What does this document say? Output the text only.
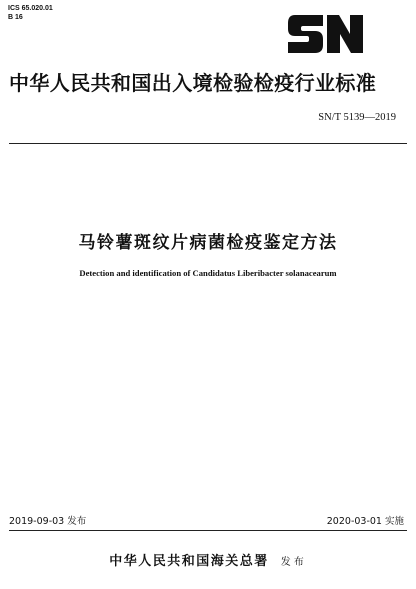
ICS 65.020.01
B 16
中华人民共和国出入境检验检疫行业标准
SN/T 5139—2019
马铃薯斑纹片病菌检疫鉴定方法
Detection and identification of Candidatus Liberibacter solanacearum
2019-09-03 发布	2020-03-01 实施
中华人民共和国海关总署 发布
